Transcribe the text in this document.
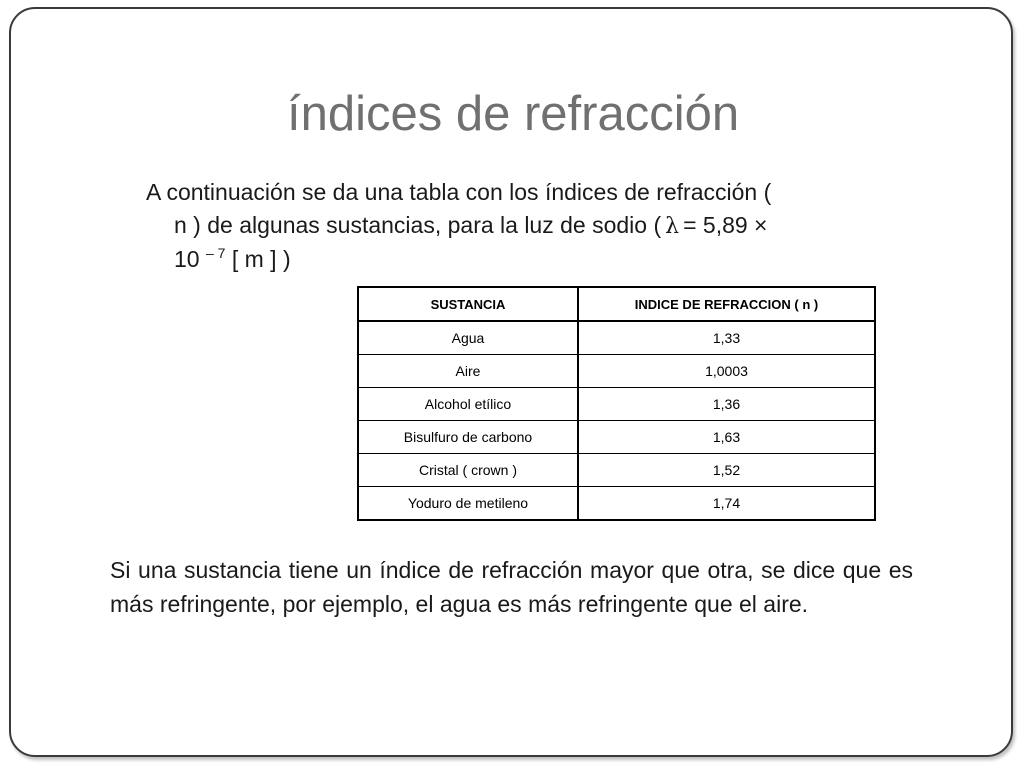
índices de refracción
A continuación se da una tabla con los índices de refracción (
n ) de algunas sustancias, para la luz de sodio ( λ = 5,89 ×
10 $^{- 7}$ [ m ] )
SUSTANCIA	INDICE DE REFRACCION ( n )
Agua	1,33
Aire	1,0003
Alcohol etílico	1,36
Bisulfuro de carbono	1,63
Cristal ( crown )	1,52
Yoduro de metileno	1,74
Si una sustancia tiene un índice de refracción mayor que otra, se dice que es más refringente, por ejemplo, el agua es más refringente que el aire.
